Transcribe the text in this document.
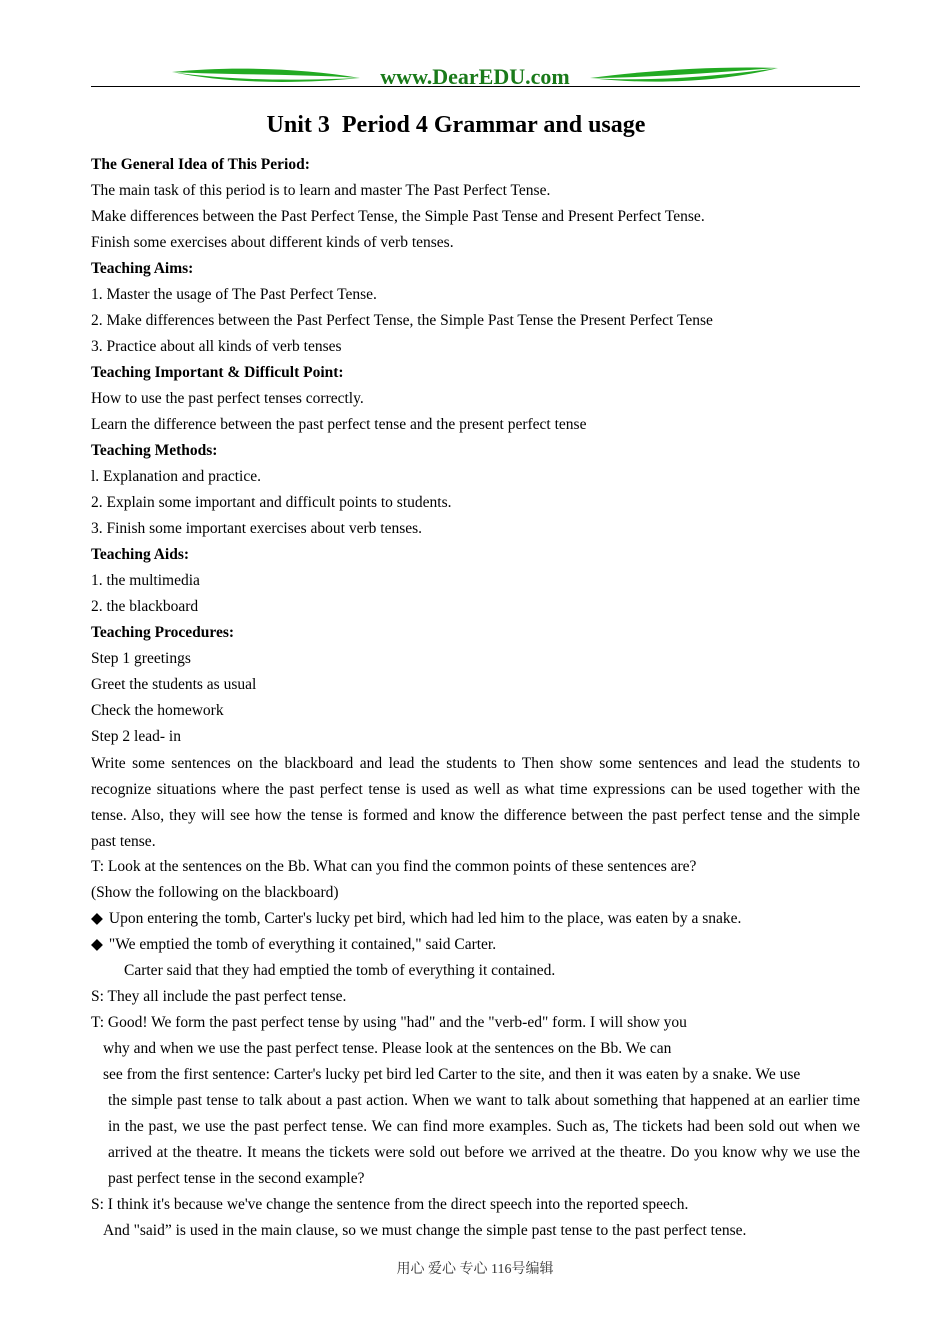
www.DearEDU.com
Unit 3  Period 4 Grammar and usage
The General Idea of This Period:
The main task of this period is to learn and master The Past Perfect Tense.
Make differences between the Past Perfect Tense, the Simple Past Tense and Present Perfect Tense.
Finish some exercises about different kinds of verb tenses.
Teaching Aims:
1. Master the usage of The Past Perfect Tense.
2. Make differences between the Past Perfect Tense, the Simple Past Tense the Present Perfect Tense
3. Practice about all kinds of verb tenses
Teaching Important & Difficult Point:
How to use the past perfect tenses correctly.
Learn the difference between the past perfect tense and the present perfect tense
Teaching Methods:
l. Explanation and practice.
2. Explain some important and difficult points to students.
3. Finish some important exercises about verb tenses.
Teaching Aids:
1. the multimedia
2. the blackboard
Teaching Procedures:
Step 1 greetings
Greet the students as usual
Check the homework
Step 2 lead- in
Write some sentences on the blackboard and lead the students to Then show some sentences and lead the students to recognize situations where the past perfect tense is used as well as what time expressions can be used together with the tense. Also, they will see how the tense is formed and know the difference between the past perfect tense and the simple past tense.
T: Look at the sentences on the Bb. What can you find the common points of these sentences are?
(Show the following on the blackboard)
◆ Upon entering the tomb, Carter's lucky pet bird, which had led him to the place, was eaten by a snake.
◆ "We emptied the tomb of everything it contained," said Carter.
Carter said that they had emptied the tomb of everything it contained.
S: They all include the past perfect tense.
T: Good! We form the past perfect tense by using "had" and the "verb-ed" form. I will show you
why and when we use the past perfect tense. Please look at the sentences on the Bb. We can
see from the first sentence: Carter's lucky pet bird led Carter to the site, and then it was eaten by a snake. We use
the simple past tense to talk about a past action. When we want to talk about something that happened at an earlier time in the past, we use the past perfect tense. We can find more examples. Such as, The tickets had been sold out when we arrived at the theatre. It means the tickets were sold out before we arrived at the theatre. Do you know why we use the past perfect tense in the second example?
S: I think it's because we've change the sentence from the direct speech into the reported speech.
And "said” is used in the main clause, so we must change the simple past tense to the past perfect tense.
用心 爱心 专心 116号编辑
